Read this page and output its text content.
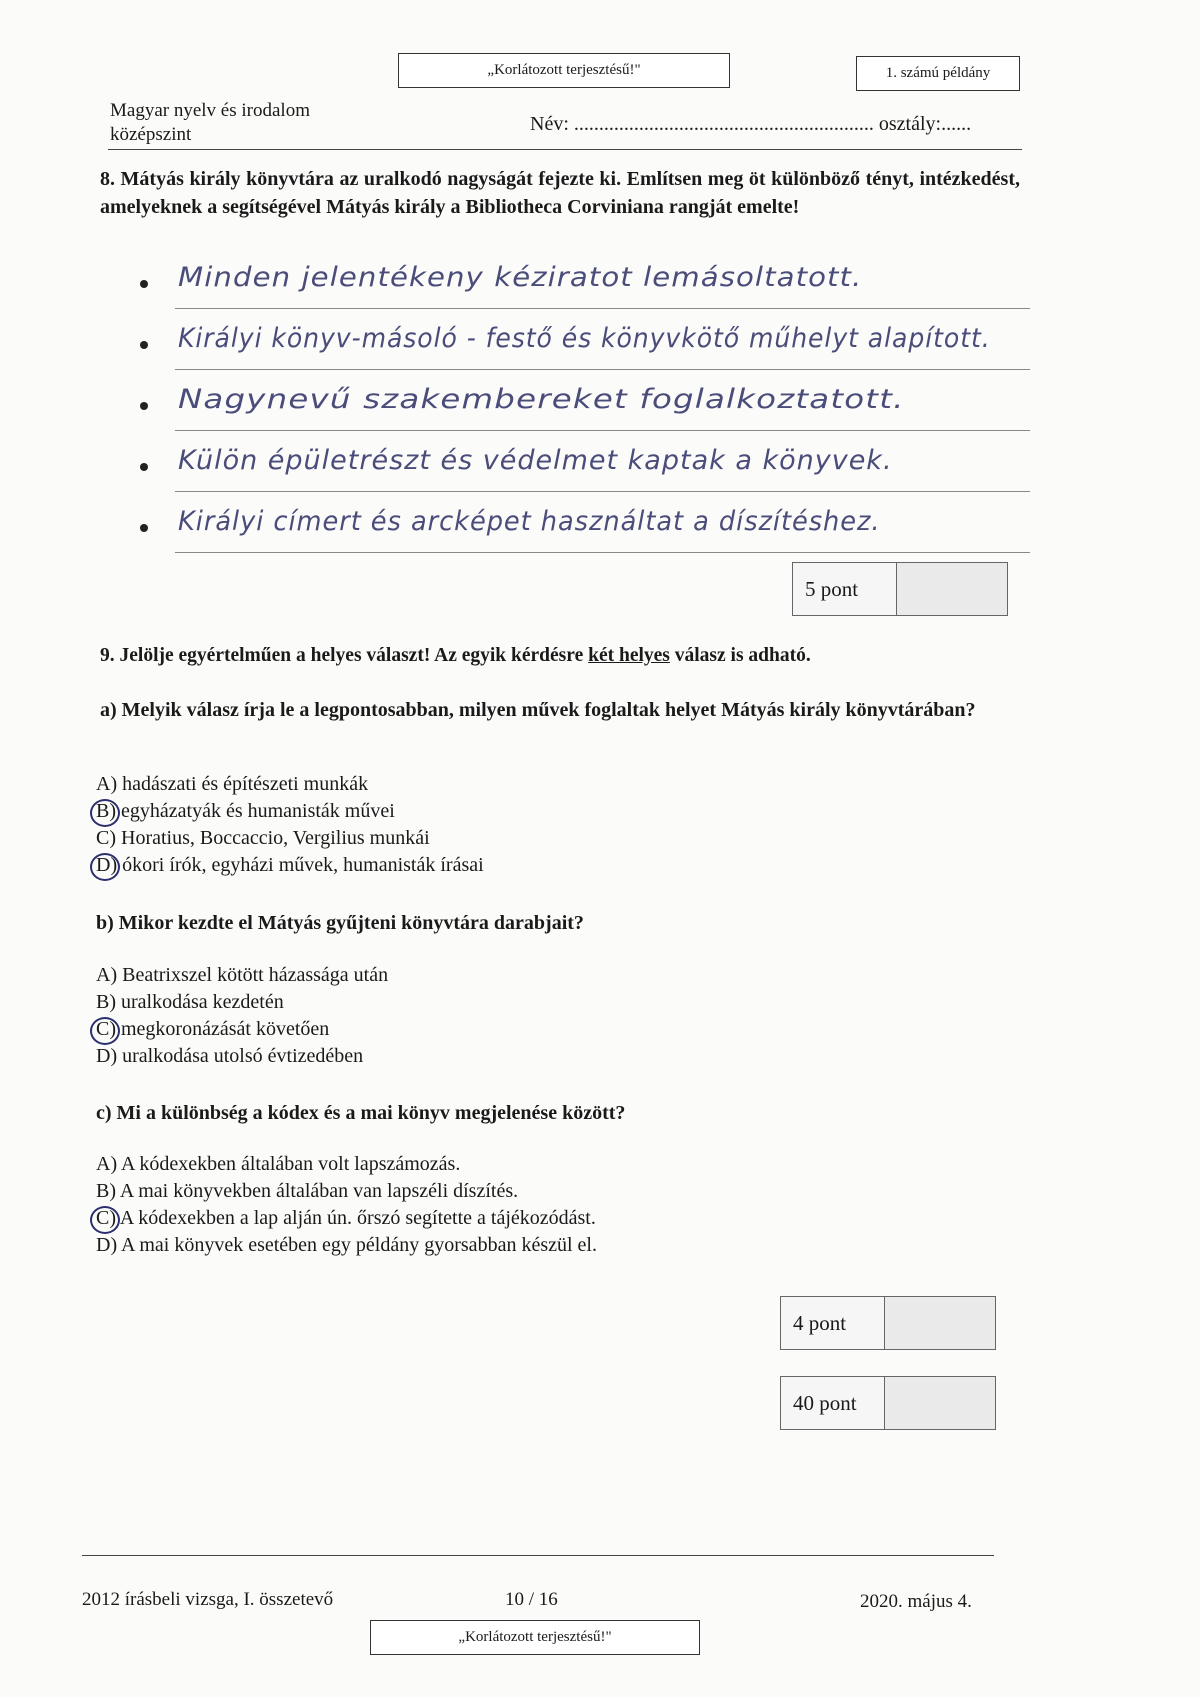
„Korlátozott terjesztésű!"	1. számú példány
Magyar nyelv és irodalom
középszint	Név: ............................................................ osztály:......
8. Mátyás király könyvtára az uralkodó nagyságát fejezte ki. Említsen meg öt különböző tényt, intézkedést, amelyeknek a segítségével Mátyás király a Bibliotheca Corviniana rangját emelte!
Minden jelentékeny kéziratot lemásoltatott.
Királyi könyv-másoló - festő és könyvkötő műhelyt alapított.
Nagynevű szakembereket foglalkoztatott.
Külön épületrészt és védelmet kaptak a könyvek.
Királyi címert és arcképet használtat a díszítéshez.
5 pont
9. Jelölje egyértelműen a helyes választ! Az egyik kérdésre két helyes válasz is adható.
a) Melyik válasz írja le a legpontosabban, milyen művek foglaltak helyet Mátyás király könyvtárában?
A) hadászati és építészeti munkák
B) egyházatyák és humanisták művei
C) Horatius, Boccaccio, Vergilius munkái
D) ókori írók, egyházi művek, humanisták írásai
b) Mikor kezdte el Mátyás gyűjteni könyvtára darabjait?
A) Beatrixszel kötött házassága után
B) uralkodása kezdetén
C) megkoronázását követően
D) uralkodása utolsó évtizedében
c) Mi a különbség a kódex és a mai könyv megjelenése között?
A) A kódexekben általában volt lapszámozás.
B) A mai könyvekben általában van lapszéli díszítés.
C) A kódexekben a lap alján ún. őrszó segítette a tájékozódást.
D) A mai könyvek esetében egy példány gyorsabban készül el.
4 pont
40 pont
2012 írásbeli vizsga, I. összetevő	10 / 16	2020. május 4.
„Korlátozott terjesztésű!"
